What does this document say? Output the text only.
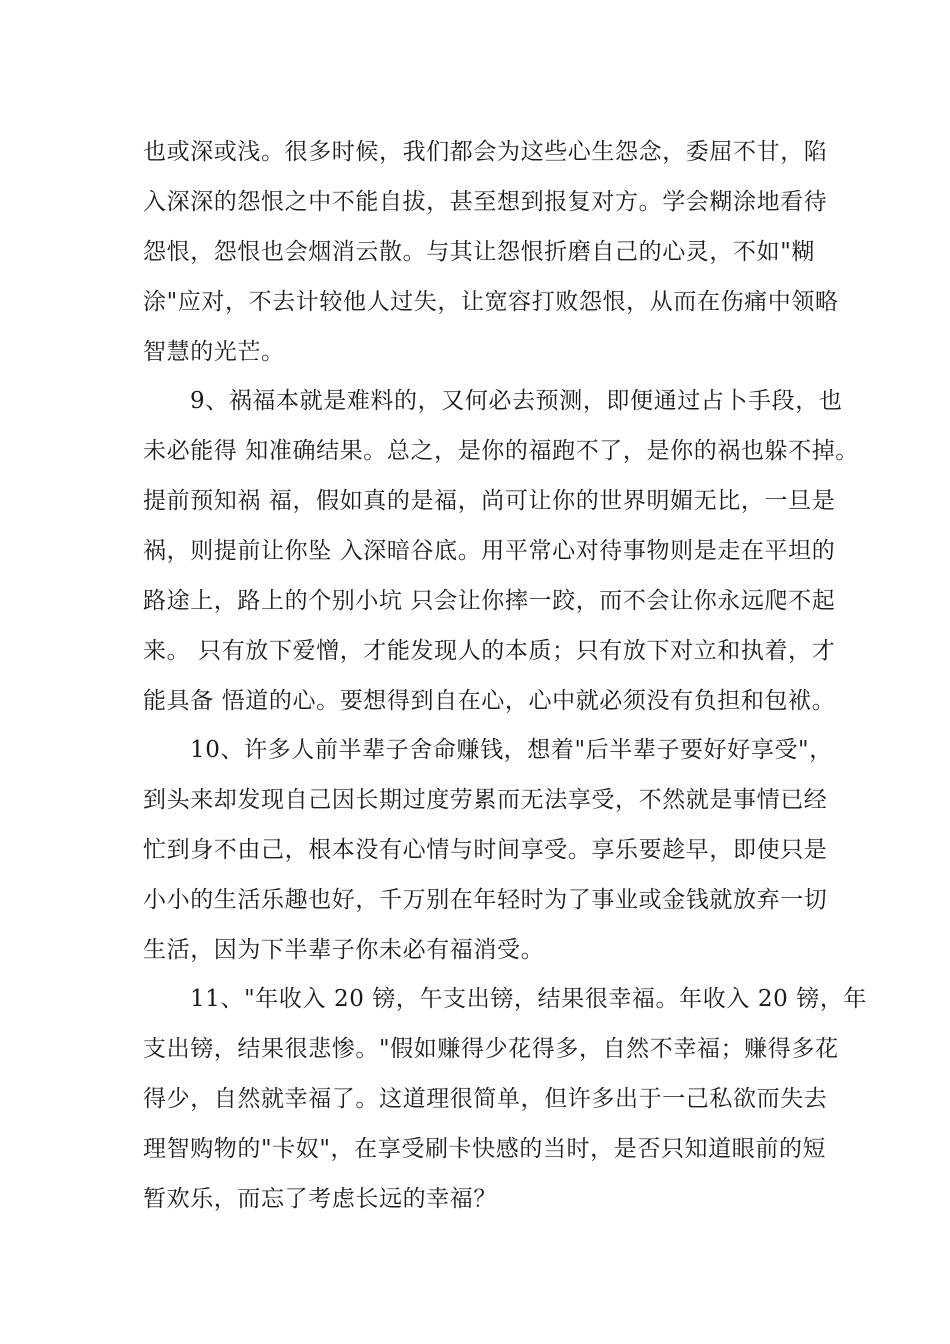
也或深或浅。很多时候，我们都会为这些心生怨念，委屈不甘，陷
入深深的怨恨之中不能自拔，甚至想到报复对方。学会糊涂地看待
怨恨，怨恨也会烟消云散。与其让怨恨折磨自己的心灵，不如"糊
涂"应对，不去计较他人过失，让宽容打败怨恨，从而在伤痛中领略
智慧的光芒。
9、祸福本就是难料的，又何必去预测，即便通过占卜手段，也
未必能得 知准确结果。总之，是你的福跑不了，是你的祸也躲不掉。
提前预知祸 福，假如真的是福，尚可让你的世界明媚无比，一旦是
祸，则提前让你坠 入深暗谷底。用平常心对待事物则是走在平坦的
路途上，路上的个别小坑 只会让你摔一跤，而不会让你永远爬不起
来。 只有放下爱憎，才能发现人的本质；只有放下对立和执着，才
能具备 悟道的心。要想得到自在心，心中就必须没有负担和包袱。
10、许多人前半辈子舍命赚钱，想着"后半辈子要好好享受"，
到头来却发现自己因长期过度劳累而无法享受，不然就是事情已经
忙到身不由己，根本没有心情与时间享受。享乐要趁早，即使只是
小小的生活乐趣也好，千万别在年轻时为了事业或金钱就放弃一切
生活，因为下半辈子你未必有福消受。
11、"年收入 20 镑，午支出镑，结果很幸福。年收入 20 镑，年
支出镑，结果很悲惨。"假如赚得少花得多，自然不幸福；赚得多花
得少，自然就幸福了。这道理很简单，但许多出于一己私欲而失去
理智购物的"卡奴"，在享受刷卡快感的当时，是否只知道眼前的短
暂欢乐，而忘了考虑长远的幸福？
